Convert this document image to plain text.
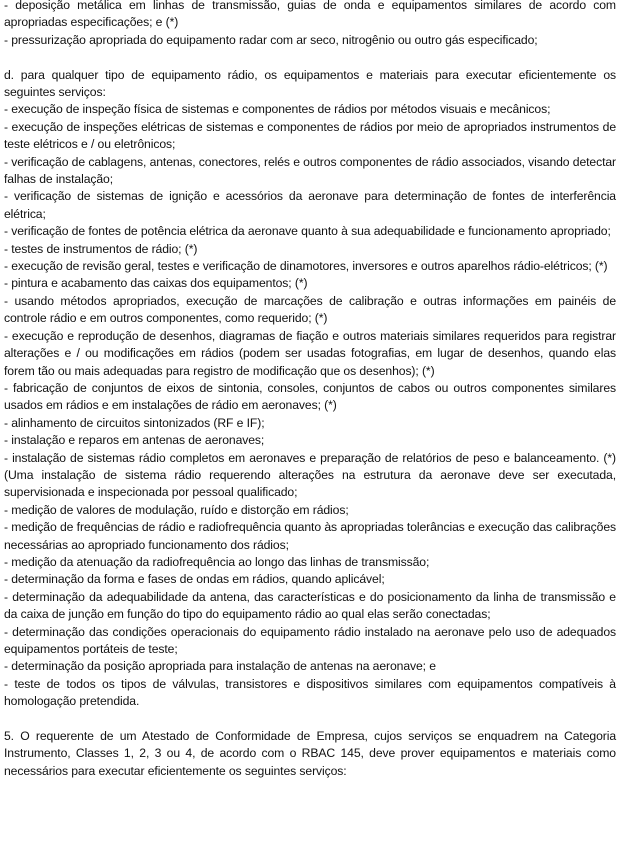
- deposição metálica em linhas de transmissão, guias de onda e equipamentos similares de acordo com apropriadas especificações; e (*)

- pressurização apropriada do equipamento radar com ar seco, nitrogênio ou outro gás especificado;

d. para qualquer tipo de equipamento rádio, os equipamentos e materiais para executar eficientemente os seguintes serviços:

- execução de inspeção física de sistemas e componentes de rádios por métodos visuais e mecânicos;

- execução de inspeções elétricas de sistemas e componentes de rádios por meio de apropriados instrumentos de teste elétricos e / ou eletrônicos;

- verificação de cablagens, antenas, conectores, relés e outros componentes de rádio associados, visando detectar falhas de instalação;

- verificação de sistemas de ignição e acessórios da aeronave para determinação de fontes de interferência elétrica;

- verificação de fontes de potência elétrica da aeronave quanto à sua adequabilidade e funcionamento apropriado;

- testes de instrumentos de rádio; (*)

- execução de revisão geral, testes e verificação de dinamotores, inversores e outros aparelhos rádio-elétricos; (*)

- pintura e acabamento das caixas dos equipamentos; (*)

- usando métodos apropriados, execução de marcações de calibração e outras informações em painéis de controle rádio e em outros componentes, como requerido; (*)

- execução e reprodução de desenhos, diagramas de fiação e outros materiais similares requeridos para registrar alterações e / ou modificações em rádios (podem ser usadas fotografias, em lugar de desenhos, quando elas forem tão ou mais adequadas para registro de modificação que os desenhos); (*)

- fabricação de conjuntos de eixos de sintonia, consoles, conjuntos de cabos ou outros componentes similares usados em rádios e em instalações de rádio em aeronaves; (*)

- alinhamento de circuitos sintonizados (RF e IF);

- instalação e reparos em antenas de aeronaves;

- instalação de sistemas rádio completos em aeronaves e preparação de relatórios de peso e balanceamento. (*) (Uma instalação de sistema rádio requerendo alterações na estrutura da aeronave deve ser executada, supervisionada e inspecionada por pessoal qualificado;

- medição de valores de modulação, ruído e distorção em rádios;

- medição de frequências de rádio e radiofrequência quanto às apropriadas tolerâncias e execução das calibrações necessárias ao apropriado funcionamento dos rádios;

- medição da atenuação da radiofrequência ao longo das linhas de transmissão;

- determinação da forma e fases de ondas em rádios, quando aplicável;

- determinação da adequabilidade da antena, das características e do posicionamento da linha de transmissão e da caixa de junção em função do tipo do equipamento rádio ao qual elas serão conectadas;

- determinação das condições operacionais do equipamento rádio instalado na aeronave pelo uso de adequados equipamentos portáteis de teste;

- determinação da posição apropriada para instalação de antenas na aeronave; e

- teste de todos os tipos de válvulas, transistores e dispositivos similares com equipamentos compatíveis à homologação pretendida.

5. O requerente de um Atestado de Conformidade de Empresa, cujos serviços se enquadrem na Categoria Instrumento, Classes 1, 2, 3 ou 4, de acordo com o RBAC 145, deve prover equipamentos e materiais como necessários para executar eficientemente os seguintes serviços:
